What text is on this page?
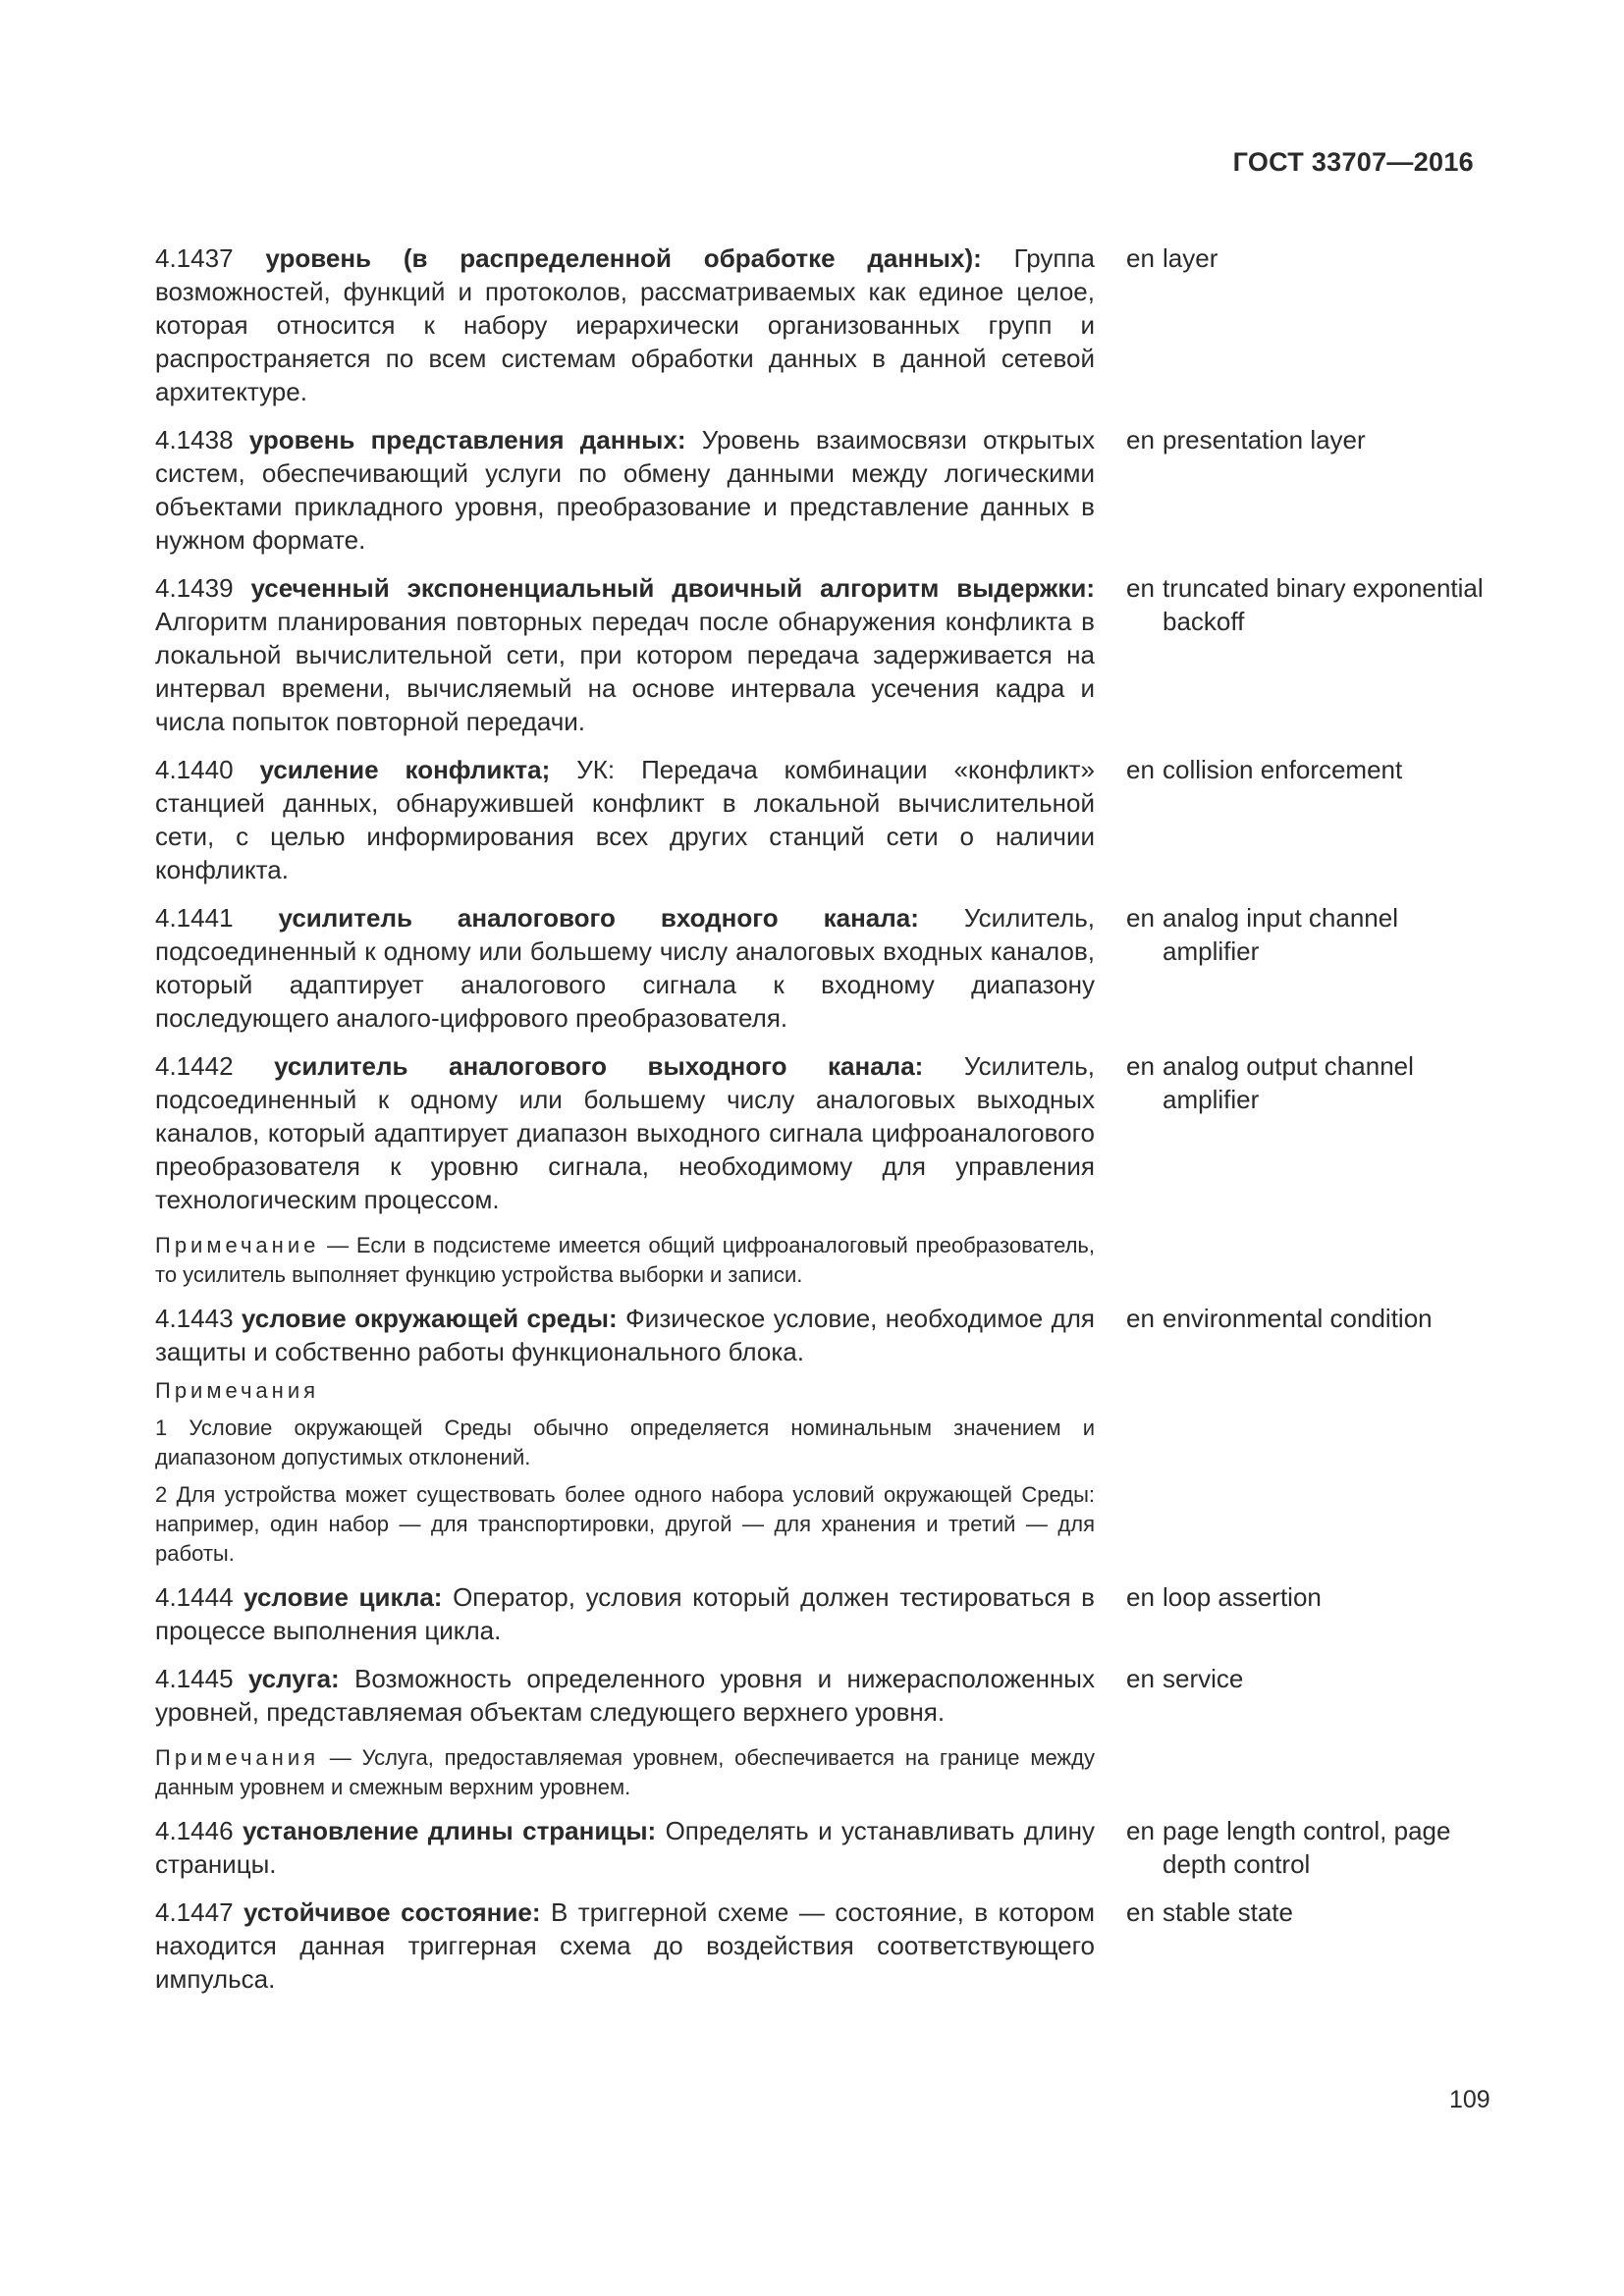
ГОСТ 33707—2016
4.1437 уровень (в распределенной обработке данных): Группа возможностей, функций и протоколов, рассматриваемых как единое целое, которая относится к набору иерархически организованных групп и распространяется по всем системам обработки данных в данной сетевой архитектуре.
en layer
4.1438 уровень представления данных: Уровень взаимосвязи открытых систем, обеспечивающий услуги по обмену данными между логическими объектами прикладного уровня, преобразование и представление данных в нужном формате.
en presentation layer
4.1439 усеченный экспоненциальный двоичный алгоритм выдержки: Алгоритм планирования повторных передач после обнаружения конфликта в локальной вычислительной сети, при котором передача задерживается на интервал времени, вычисляемый на основе интервала усечения кадра и числа попыток повторной передачи.
en truncated binary exponential backoff
4.1440 усиление конфликта; УК: Передача комбинации «конфликт» станцией данных, обнаружившей конфликт в локальной вычислительной сети, с целью информирования всех других станций сети о наличии конфликта.
en collision enforcement
4.1441 усилитель аналогового входного канала: Усилитель, подсоединенный к одному или большему числу аналоговых входных каналов, который адаптирует аналогового сигнала к входному диапазону последующего аналого-цифрового преобразователя.
en analog input channel amplifier
4.1442 усилитель аналогового выходного канала: Усилитель, подсоединенный к одному или большему числу аналоговых выходных каналов, который адаптирует диапазон выходного сигнала цифроаналогового преобразователя к уровню сигнала, необходимому для управления технологическим процессом.
Примечание — Если в подсистеме имеется общий цифроаналоговый преобразователь, то усилитель выполняет функцию устройства выборки и записи.
en analog output channel amplifier
4.1443 условие окружающей среды: Физическое условие, необходимое для защиты и собственно работы функционального блока.
Примечания
1 Условие окружающей Среды обычно определяется номинальным значением и диапазоном допустимых отклонений.
2 Для устройства может существовать более одного набора условий окружающей Среды: например, один набор — для транспортировки, другой — для хранения и третий — для работы.
en environmental condition
4.1444 условие цикла: Оператор, условия который должен тестироваться в процессе выполнения цикла.
en loop assertion
4.1445 услуга: Возможность определенного уровня и нижерасположенных уровней, представляемая объектам следующего верхнего уровня.
Примечания — Услуга, предоставляемая уровнем, обеспечивается на границе между данным уровнем и смежным верхним уровнем.
en service
4.1446 установление длины страницы: Определять и устанавливать длину страницы.
en page length control, page depth control
4.1447 устойчивое состояние: В триггерной схеме — состояние, в котором находится данная триггерная схема до воздействия соответствующего импульса.
en stable state
109
